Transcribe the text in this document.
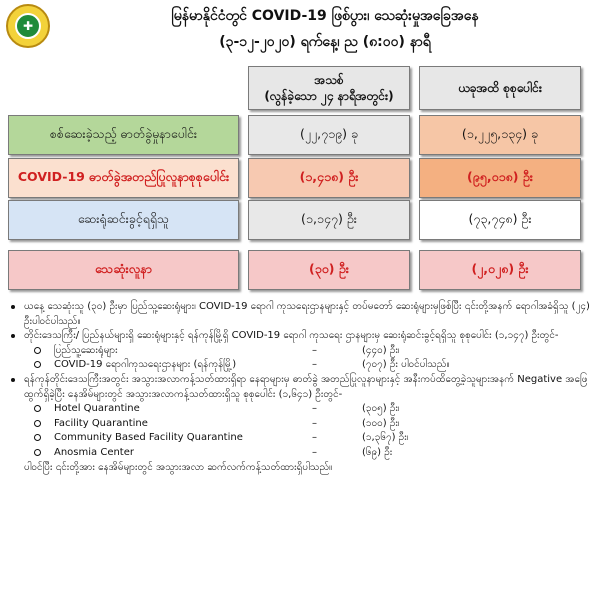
✚
မြန်မာနိုင်ငံတွင် COVID-19 ဖြစ်ပွား၊ သေဆုံးမှုအခြေအနေ
(၃-၁၂-၂၀၂၀) ရက်နေ့၊ ည (၈:၀၀) နာရီ
အသစ်
(လွန်ခဲ့သော ၂၄ နာရီအတွင်း)
ယခုအထိ စုစုပေါင်း
စစ်ဆေးခဲ့သည့် ဓာတ်ခွဲမှုနာပေါင်း	(၂၂,၇၁၉) ခု	(၁,၂၂၅,၁၃၄) ခု
COVID-19 ဓာတ်ခွဲအတည်ပြုလူနာစုစုပေါင်း	(၁,၄၁၈) ဦး	(၉၅,၀၁၈) ဦး
ဆေးရုံဆင်းခွင့်ရရှိသူ	(၁,၁၄၇) ဦး	(၇၃,၇၄၈) ဦး
သေဆုံးလူနာ	(၃၀) ဦး	(၂,၀၂၈) ဦး
ယနေ့ သေဆုံးသူ (၃၀) ဦးမှာ ပြည်သူ့ဆေးရုံများ၊ COVID-19 ရောဂါ ကုသရေးဌာနများနှင့် တပ်မတော် ဆေးရုံများမှဖြစ်ပြီး ၎င်းတို့အနက် ရောဂါအခံရှိသူ (၂၄) ဦးပါဝင်ပါသည်။
တိုင်းဒေသကြီး/ ပြည်နယ်များရှိ ဆေးရုံများနှင့် ရန်ကုန်မြို့ရှိ COVID-19 ရောဂါ ကုသရေး ဌာနများမှ ဆေးရုံဆင်းခွင့်ရရှိသူ စုစုပေါင်း (၁,၁၄၇) ဦးတွင်-
ပြည်သူ့ဆေးရုံများ	–	(၄၄၀) ဦး၊
COVID-19 ရောဂါကုသရေးဌာနများ (ရန်ကုန်မြို့)	–	(၇၀၇) ဦး ပါဝင်ပါသည်။
ရန်ကုန်တိုင်းဒေသကြီးအတွင်း အသွားအလာကန့်သတ်ထားရှိရာ နေရာများမှ ဓာတ်ခွဲ အတည်ပြုလူနာများနှင့် အနီးကပ်ထိတွေ့ခဲ့သူများအနက် Negative အဖြေထွက်ရှိခဲ့ပြီး နေအိမ်များတွင် အသွားအလာကန့်သတ်ထားရှိသူ စုစုပေါင်း (၁,၆၄၁) ဦးတွင်-
Hotel Quarantine	–	(၃၀၅) ဦး၊
Facility Quarantine	–	(၁၀၀) ဦး၊
Community Based Facility Quarantine	–	(၁,၃၆၇) ဦး၊
Anosmia Center	–	(၆၉) ဦး
ပါဝင်ပြီး ၎င်းတို့အား နေအိမ်များတွင် အသွားအလာ ဆက်လက်ကန့်သတ်ထားရှိပါသည်။
